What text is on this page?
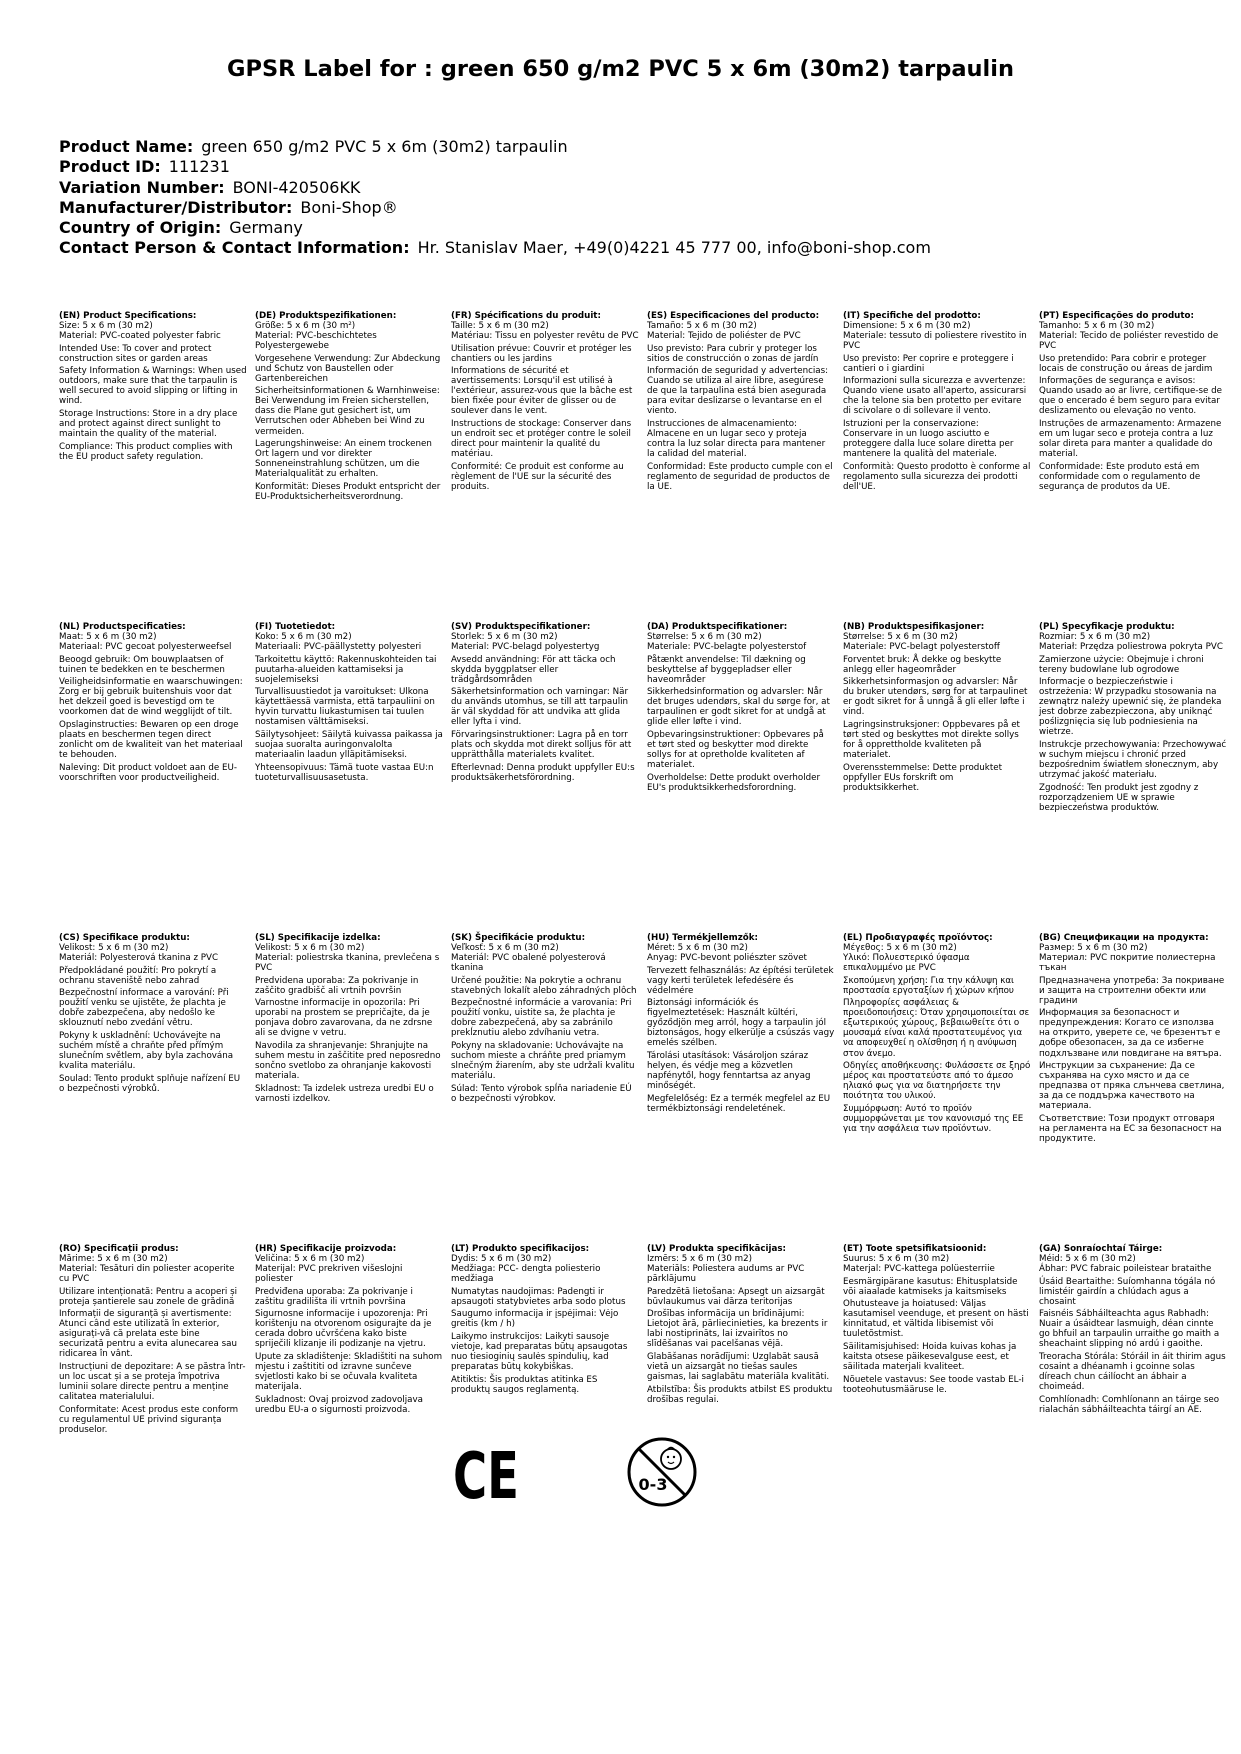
GPSR Label for : green 650 g/m2 PVC 5 x 6m (30m2) tarpaulin
Product Name: green 650 g/m2 PVC 5 x 6m (30m2) tarpaulin
Product ID: 111231
Variation Number: BONI-420506KK
Manufacturer/Distributor: Boni-Shop®
Country of Origin: Germany
Contact Person & Contact Information: Hr. Stanislav Maer, +49(0)4221 45 777 00, info@boni-shop.com
(EN) Product Specifications:
Size: 5 x 6 m (30 m2)

Material: PVC-coated polyester fabric

Intended Use: To cover and protect construction sites or garden areas

Safety Information & Warnings: When used outdoors, make sure that the tarpaulin is well secured to avoid slipping or lifting in wind.

Storage Instructions: Store in a dry place and protect against direct sunlight to maintain the quality of the material.

Compliance: This product complies with the EU product safety regulation.

(DE) Produktspezifikationen:
Größe: 5 x 6 m (30 m²)

Material: PVC-beschichtetes Polyestergewebe

Vorgesehene Verwendung: Zur Abdeckung und Schutz von Baustellen oder Gartenbereichen

Sicherheitsinformationen & Warnhinweise: Bei Verwendung im Freien sicherstellen, dass die Plane gut gesichert ist, um Verrutschen oder Abheben bei Wind zu vermeiden.

Lagerungshinweise: An einem trockenen Ort lagern und vor direkter Sonneneinstrahlung schützen, um die Materialqualität zu erhalten.

Konformität: Dieses Produkt entspricht der EU-Produktsicherheitsverordnung.

(FR) Spécifications du produit:
Taille: 5 x 6 m (30 m2)

Matériau: Tissu en polyester revêtu de PVC

Utilisation prévue: Couvrir et protéger les chantiers ou les jardins

Informations de sécurité et avertissements: Lorsqu'il est utilisé à l'extérieur, assurez-vous que la bâche est bien fixée pour éviter de glisser ou de soulever dans le vent.

Instructions de stockage: Conserver dans un endroit sec et protéger contre le soleil direct pour maintenir la qualité du matériau.

Conformité: Ce produit est conforme au règlement de l'UE sur la sécurité des produits.

(ES) Especificaciones del producto:
Tamaño: 5 x 6 m (30 m2)

Material: Tejido de poliéster de PVC

Uso previsto: Para cubrir y proteger los sitios de construcción o zonas de jardín

Información de seguridad y advertencias: Cuando se utiliza al aire libre, asegúrese de que la tarpaulina está bien asegurada para evitar deslizarse o levantarse en el viento.

Instrucciones de almacenamiento: Almacene en un lugar seco y proteja contra la luz solar directa para mantener la calidad del material.

Conformidad: Este producto cumple con el reglamento de seguridad de productos de la UE.

(IT) Specifiche del prodotto:
Dimensione: 5 x 6 m (30 m2)

Materiale: tessuto di poliestere rivestito in PVC

Uso previsto: Per coprire e proteggere i cantieri o i giardini

Informazioni sulla sicurezza e avvertenze: Quando viene usato all'aperto, assicurarsi che la telone sia ben protetto per evitare di scivolare o di sollevare il vento.

Istruzioni per la conservazione: Conservare in un luogo asciutto e proteggere dalla luce solare diretta per mantenere la qualità del materiale.

Conformità: Questo prodotto è conforme al regolamento sulla sicurezza dei prodotti dell'UE.

(PT) Especificações do produto:
Tamanho: 5 x 6 m (30 m2)

Material: Tecido de poliéster revestido de PVC

Uso pretendido: Para cobrir e proteger locais de construção ou áreas de jardim

Informações de segurança e avisos: Quando usado ao ar livre, certifique-se de que o encerado é bem seguro para evitar deslizamento ou elevação no vento.

Instruções de armazenamento: Armazene em um lugar seco e proteja contra a luz solar direta para manter a qualidade do material.

Conformidade: Este produto está em conformidade com o regulamento de segurança de produtos da UE.

(NL) Productspecificaties:
Maat: 5 x 6 m (30 m2)

Materiaal: PVC gecoat polyesterweefsel

Beoogd gebruik: Om bouwplaatsen of tuinen te bedekken en te beschermen

Veiligheidsinformatie en waarschuwingen: Zorg er bij gebruik buitenshuis voor dat het dekzeil goed is bevestigd om te voorkomen dat de wind wegglijdt of tilt.

Opslaginstructies: Bewaren op een droge plaats en beschermen tegen direct zonlicht om de kwaliteit van het materiaal te behouden.

Naleving: Dit product voldoet aan de EU-voorschriften voor productveiligheid.

(FI) Tuotetiedot:
Koko: 5 x 6 m (30 m2)

Materiaali: PVC-päällystetty polyesteri

Tarkoitettu käyttö: Rakennuskohteiden tai puutarha-alueiden kattamiseksi ja suojelemiseksi

Turvallisuustiedot ja varoitukset: Ulkona käytettäessä varmista, että tarpauliini on hyvin turvattu liukastumisen tai tuulen nostamisen välttämiseksi.

Säilytysohjeet: Säilytä kuivassa paikassa ja suojaa suoralta auringonvalolta materiaalin laadun ylläpitämiseksi.

Yhteensopivuus: Tämä tuote vastaa EU:n tuoteturvallisuusasetusta.

(SV) Produktspecifikationer:
Storlek: 5 x 6 m (30 m2)

Material: PVC-belagd polyestertyg

Avsedd användning: För att täcka och skydda byggplatser eller trädgårdsområden

Säkerhetsinformation och varningar: När du används utomhus, se till att tarpaulin är väl skyddad för att undvika att glida eller lyfta i vind.

Förvaringsinstruktioner: Lagra på en torr plats och skydda mot direkt solljus för att upprätthålla materialets kvalitet.

Efterlevnad: Denna produkt uppfyller EU:s produktsäkerhetsförordning.

(DA) Produktspecifikationer:
Størrelse: 5 x 6 m (30 m2)

Materiale: PVC-belagte polyesterstof

Påtænkt anvendelse: Til dækning og beskyttelse af byggepladser eller haveområder

Sikkerhedsinformation og advarsler: Når det bruges udendørs, skal du sørge for, at tarpaulinen er godt sikret for at undgå at glide eller løfte i vind.

Opbevaringsinstruktioner: Opbevares på et tørt sted og beskytter mod direkte sollys for at opretholde kvaliteten af materialet.

Overholdelse: Dette produkt overholder EU's produktsikkerhedsforordning.

(NB) Produktspesifikasjoner:
Størrelse: 5 x 6 m (30 m2)

Materiale: PVC-belagt polyesterstoff

Forventet bruk: Å dekke og beskytte anlegg eller hageområder

Sikkerhetsinformasjon og advarsler: Når du bruker utendørs, sørg for at tarpaulinet er godt sikret for å unngå å gli eller løfte i vind.

Lagringsinstruksjoner: Oppbevares på et tørt sted og beskyttes mot direkte sollys for å opprettholde kvaliteten på materialet.

Overensstemmelse: Dette produktet oppfyller EUs forskrift om produktsikkerhet.

(PL) Specyfikacje produktu:
Rozmiar: 5 x 6 m (30 m2)

Materiał: Przędza poliestrowa pokryta PVC

Zamierzone użycie: Obejmuje i chroni tereny budowlane lub ogrodowe

Informacje o bezpieczeństwie i ostrzeżenia: W przypadku stosowania na zewnątrz należy upewnić się, że plandeka jest dobrze zabezpieczona, aby uniknąć poślizgnięcia się lub podniesienia na wietrze.

Instrukcje przechowywania: Przechowywać w suchym miejscu i chronić przed bezpośrednim światłem słonecznym, aby utrzymać jakość materiału.

Zgodność: Ten produkt jest zgodny z rozporządzeniem UE w sprawie bezpieczeństwa produktów.

(CS) Specifikace produktu:
Velikost: 5 x 6 m (30 m2)

Materiál: Polyesterová tkanina z PVC

Předpokládané použití: Pro pokrytí a ochranu staveniště nebo zahrad

Bezpečnostní informace a varování: Při použití venku se ujistěte, že plachta je dobře zabezpečena, aby nedošlo ke sklouznutí nebo zvedání větru.

Pokyny k uskladnění: Uchovávejte na suchém místě a chraňte před přímým slunečním světlem, aby byla zachována kvalita materiálu.

Soulad: Tento produkt splňuje nařízení EU o bezpečnosti výrobků.

(SL) Specifikacije izdelka:
Velikost: 5 x 6 m (30 m2)

Material: poliestrska tkanina, prevlečena s PVC

Predvidena uporaba: Za pokrivanje in zaščito gradbišč ali vrtnih površin

Varnostne informacije in opozorila: Pri uporabi na prostem se prepričajte, da je ponjava dobro zavarovana, da ne zdrsne ali se dvigne v vetru.

Navodila za shranjevanje: Shranjujte na suhem mestu in zaščitite pred neposredno sončno svetlobo za ohranjanje kakovosti materiala.

Skladnost: Ta izdelek ustreza uredbi EU o varnosti izdelkov.

(SK) Špecifikácie produktu:
Veľkosť: 5 x 6 m (30 m2)

Materiál: PVC obalené polyesterová tkanina

Určené použitie: Na pokrytie a ochranu stavebných lokalít alebo záhradných plôch

Bezpečnostné informácie a varovania: Pri použití vonku, uistite sa, že plachta je dobre zabezpečená, aby sa zabránilo prekĺznutiu alebo zdvíhaniu vetra.

Pokyny na skladovanie: Uchovávajte na suchom mieste a chráňte pred priamym slnečným žiarením, aby ste udržali kvalitu materiálu.

Súlad: Tento výrobok spĺňa nariadenie EÚ o bezpečnosti výrobkov.

(HU) Termékjellemzők:
Méret: 5 x 6 m (30 m2)

Anyag: PVC-bevont poliészter szövet

Tervezett felhasználás: Az építési területek vagy kerti területek lefedésére és védelmére

Biztonsági információk és figyelmeztetések: Használt kültéri, győződjön meg arról, hogy a tarpaulin jól biztonságos, hogy elkerülje a csúszás vagy emelés szélben.

Tárolási utasítások: Vásároljon száraz helyen, és védje meg a közvetlen napfénytől, hogy fenntartsa az anyag minőségét.

Megfelelőség: Ez a termék megfelel az EU termékbiztonsági rendeletének.

(EL) Προδιαγραφές προϊόντος:
Μέγεθος: 5 x 6 m (30 m2)

Υλικό: Πολυεστερικό ύφασμα επικαλυμμένο με PVC

Σκοπούμενη χρήση: Για την κάλυψη και προστασία εργοταξίων ή χώρων κήπου

Πληροφορίες ασφάλειας & προειδοποιήσεις: Όταν χρησιμοποιείται σε εξωτερικούς χώρους, βεβαιωθείτε ότι ο μουσαμά είναι καλά προστατευμένος για να αποφευχθεί η ολίσθηση ή η ανύψωση στον άνεμο.

Οδηγίες αποθήκευσης: Φυλάσσετε σε ξηρό μέρος και προστατεύστε από το άμεσο ηλιακό φως για να διατηρήσετε την ποιότητα του υλικού.

Συμμόρφωση: Αυτό το προϊόν συμμορφώνεται με τον κανονισμό της ΕΕ για την ασφάλεια των προϊόντων.

(BG) Спецификации на продукта:
Размер: 5 x 6 m (30 m2)

Материал: PVC покритие полиестерна тъкан

Предназначена употреба: За покриване и защита на строителни обекти или градини

Информация за безопасност и предупреждения: Когато се използва на открито, уверете се, че брезентът е добре обезопасен, за да се избегне подхлъзване или повдигане на вятъра.

Инструкции за съхранение: Да се съхранява на сухо място и да се предпазва от пряка слънчева светлина, за да се поддържа качеството на материала.

Съответствие: Този продукт отговаря на регламента на ЕС за безопасност на продуктите.

(RO) Specificații produs:
Mărime: 5 x 6 m (30 m2)

Material: Tesături din poliester acoperite cu PVC

Utilizare intenționată: Pentru a acoperi și proteja șantierele sau zonele de grădină

Informații de siguranță și avertismente: Atunci când este utilizată în exterior, asigurați-vă că prelata este bine securizată pentru a evita alunecarea sau ridicarea în vânt.

Instrucțiuni de depozitare: A se păstra într-un loc uscat și a se proteja împotriva luminii solare directe pentru a menține calitatea materialului.

Conformitate: Acest produs este conform cu regulamentul UE privind siguranța produselor.

(HR) Specifikacije proizvoda:
Veličina: 5 x 6 m (30 m2)

Materijal: PVC prekriven višeslojni poliester

Predviđena uporaba: Za pokrivanje i zaštitu gradilišta ili vrtnih površina

Sigurnosne informacije i upozorenja: Pri korištenju na otvorenom osigurajte da je cerada dobro učvršćena kako biste spriječili klizanje ili podizanje na vjetru.

Upute za skladištenje: Skladištiti na suhom mjestu i zaštititi od izravne sunčeve svjetlosti kako bi se očuvala kvaliteta materijala.

Sukladnost: Ovaj proizvod zadovoljava uredbu EU-a o sigurnosti proizvoda.

(LT) Produkto specifikacijos:
Dydis: 5 x 6 m (30 m2)

Medžiaga: PCC- dengta poliesterio medžiaga

Numatytas naudojimas: Padengti ir apsaugoti statybvietes arba sodo plotus

Saugumo informacija ir įspėjimai: Vėjo greitis (km / h)

Laikymo instrukcijos: Laikyti sausoje vietoje, kad preparatas būtų apsaugotas nuo tiesioginių saulės spindulių, kad preparatas būtų kokybiškas.

Atitiktis: Šis produktas atitinka ES produktų saugos reglamentą.

(LV) Produkta specifikācijas:
Izmērs: 5 x 6 m (30 m2)

Materiāls: Poliestera audums ar PVC pārklājumu

Paredzētā lietošana: Apsegt un aizsargāt būvlaukumus vai dārza teritorijas

Drošības informācija un brīdinājumi: Lietojot ārā, pārliecinieties, ka brezents ir labi nostiprināts, lai izvairītos no slīdēšanas vai pacelšanas vējā.

Glabāšanas norādījumi: Uzglabāt sausā vietā un aizsargāt no tiešas saules gaismas, lai saglabātu materiāla kvalitāti.

Atbilstība: Šis produkts atbilst ES produktu drošības regulai.

(ET) Toote spetsifikatsioonid:
Suurus: 5 x 6 m (30 m2)

Materjal: PVC-kattega polüesterriie

Eesmärgipärane kasutus: Ehitusplatside või aiaalade katmiseks ja kaitsmiseks

Ohutusteave ja hoiatused: Väljas kasutamisel veenduge, et present on hästi kinnitatud, et vältida libisemist või tuuletõstmist.

Säilitamisjuhised: Hoida kuivas kohas ja kaitsta otsese päikesevalguse eest, et säilitada materjali kvaliteet.

Nõuetele vastavus: See toode vastab EL-i tooteohutusmääruse le.

(GA) Sonraíochtaí Táirge:
Méid: 5 x 6 m (30 m2)

Ábhar: PVC fabraic poileistear brataithe

Úsáid Beartaithe: Suíomhanna tógála nó limistéir gairdín a chlúdach agus a chosaint

Faisnéis Sábháilteachta agus Rabhadh: Nuair a úsáidtear lasmuigh, déan cinnte go bhfuil an tarpaulin urraithe go maith a sheachaint slipping nó ardú i gaoithe.

Treoracha Stórála: Stóráil in áit thirim agus cosaint a dhéanamh i gcoinne solas díreach chun cáilíocht an ábhair a choimeád.

Comhlíonadh: Comhlíonann an táirge seo rialachán sábháilteachta táirgí an AE.

CE	0-3
